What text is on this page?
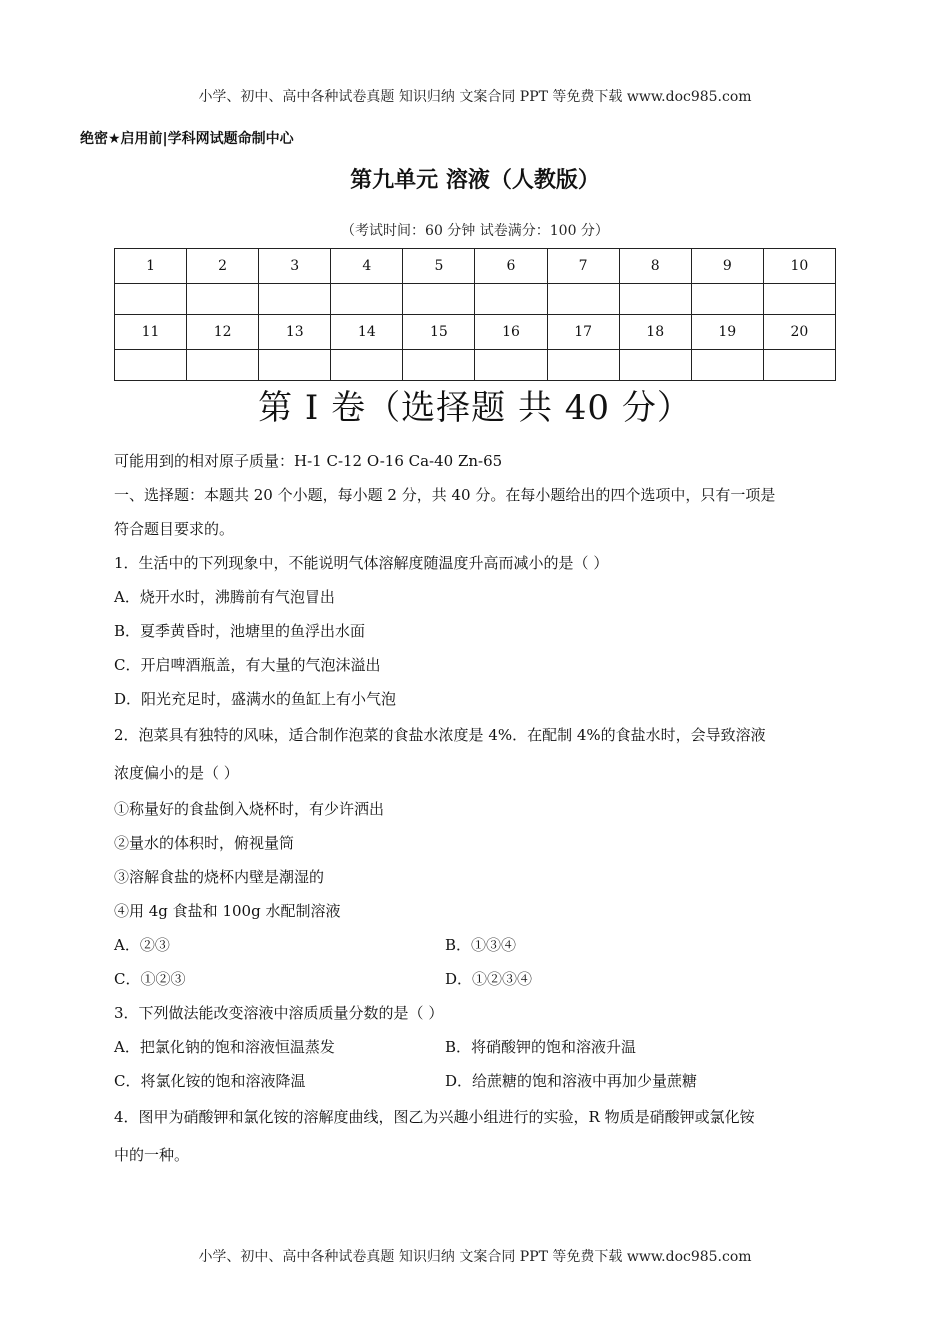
小学、初中、高中各种试卷真题 知识归纳 文案合同 PPT 等免费下载 www.doc985.com
绝密★启用前|学科网试题命制中心
第九单元 溶液（人教版）
（考试时间：60 分钟 试卷满分：100 分）
1	2	3	4	5	6	7	8	9	10

11	12	13	14	15	16	17	18	19	20

第 I 卷（选择题 共 40 分）

可能用到的相对原子质量：H-1 C-12 O-16 Ca-40 Zn-65

一、选择题：本题共 20 个小题，每小题 2 分，共 40 分。在每小题给出的四个选项中，只有一项是

符合题目要求的。

1．生活中的下列现象中，不能说明气体溶解度随温度升高而减小的是（ ）

A．烧开水时，沸腾前有气泡冒出

B．夏季黄昏时，池塘里的鱼浮出水面

C．开启啤酒瓶盖，有大量的气泡沫溢出

D．阳光充足时，盛满水的鱼缸上有小气泡

2．泡菜具有独特的风味，适合制作泡菜的食盐水浓度是 4%．在配制 4%的食盐水时，会导致溶液

浓度偏小的是（ ）

①称量好的食盐倒入烧杯时，有少许洒出

②量水的体积时，俯视量筒

③溶解食盐的烧杯内壁是潮湿的

④用 4g 食盐和 100g 水配制溶液

A．②③	B．①③④

C．①②③	D．①②③④

3．下列做法能改变溶液中溶质质量分数的是（ ）

A．把氯化钠的饱和溶液恒温蒸发	B．将硝酸钾的饱和溶液升温

C．将氯化铵的饱和溶液降温	D．给蔗糖的饱和溶液中再加少量蔗糖

4．图甲为硝酸钾和氯化铵的溶解度曲线，图乙为兴趣小组进行的实验，R 物质是硝酸钾或氯化铵

中的一种。

小学、初中、高中各种试卷真题 知识归纳 文案合同 PPT 等免费下载 www.doc985.com
